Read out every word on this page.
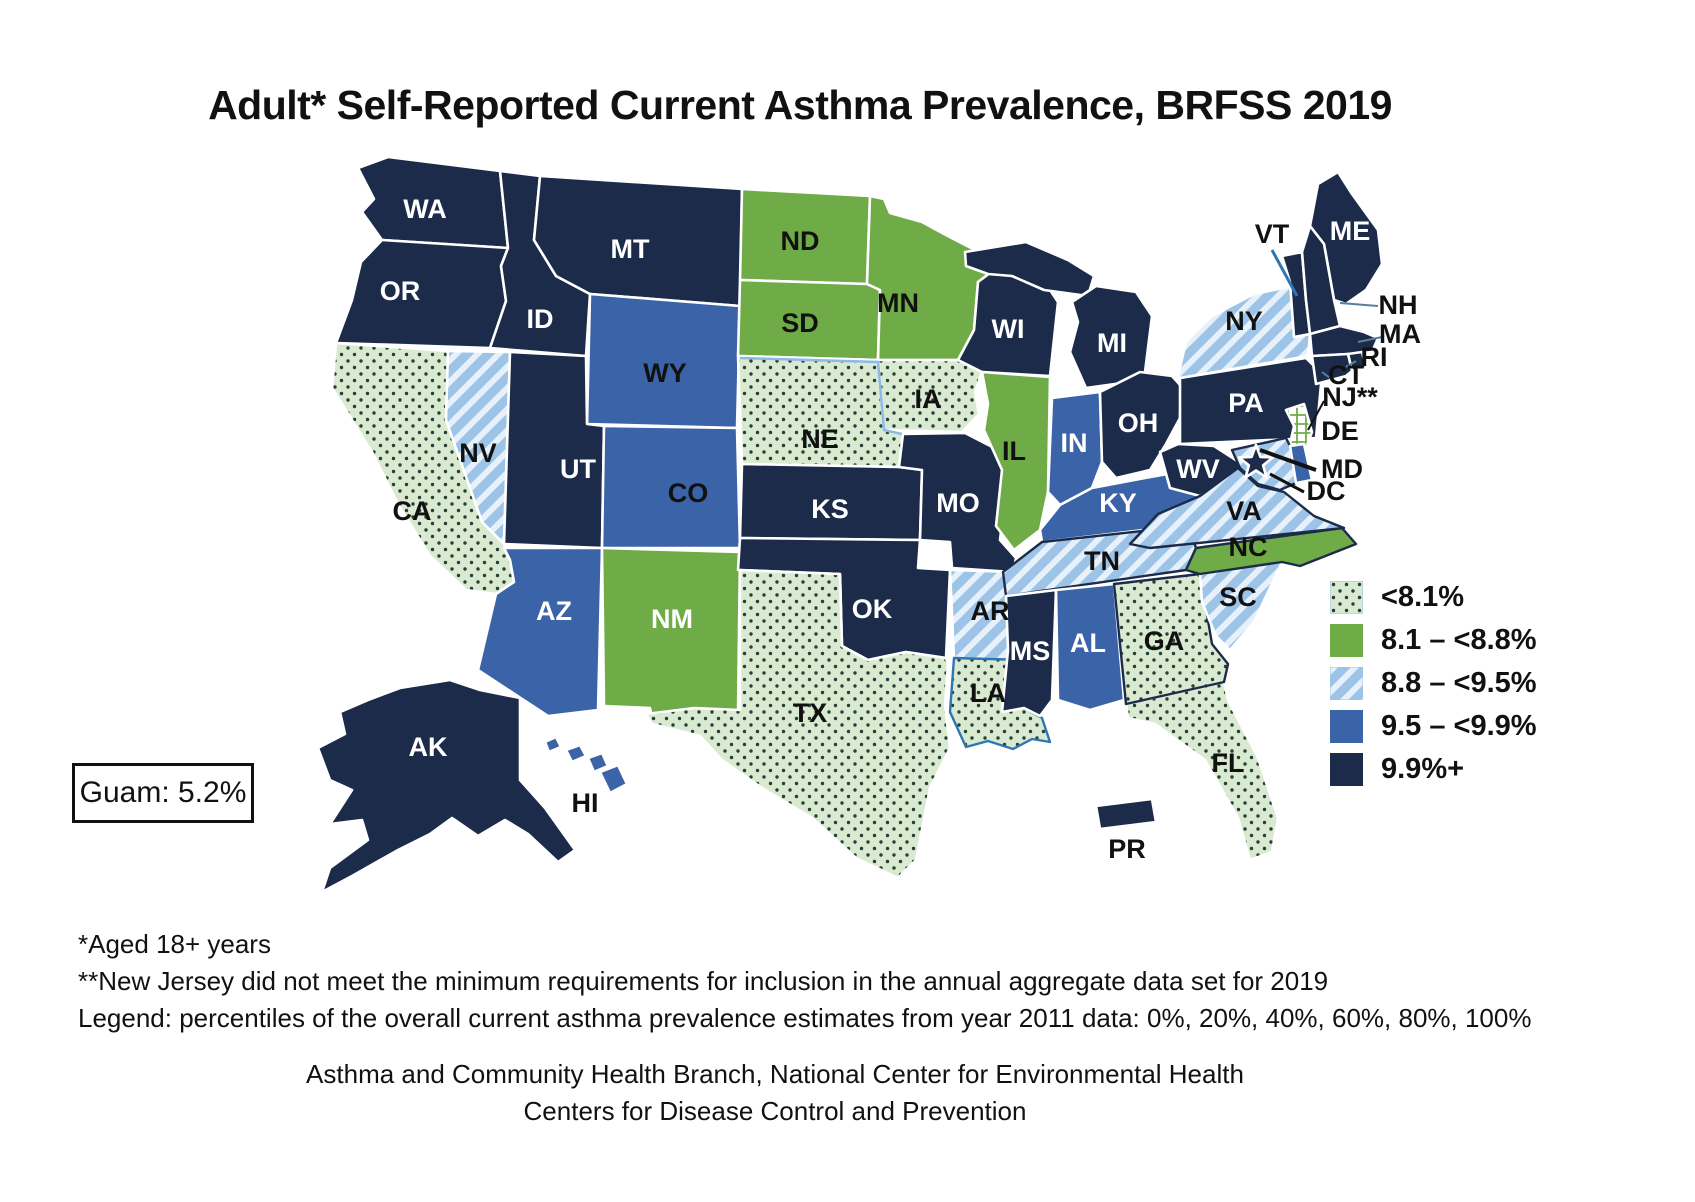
Adult* Self-Reported Current Asthma Prevalence, BRFSS 2019
WA
OR
CA
NV
ID
MT
WY
UT
CO
AZ	NM
ND
SD
NE
KS
OK
TX
MN
IA
MO
AR
LA
WI	MI
IL IN
OH
KY
TN
MS AL
FL
GA
SC
NC
WV
VA
PA
NY
ME
AK
HI
PR
VT
NH
MA
RI
CT
NJ**
DE
MD
DC
<8.1%
8.1 – <8.8%
8.8 – <9.5%
9.5 – <9.9%
9.9%+
Guam: 5.2%
*Aged 18+ years
**New Jersey did not meet the minimum requirements for inclusion in the annual aggregate data set for 2019
Legend: percentiles of the overall current asthma prevalence estimates from year 2011 data: 0%, 20%, 40%, 60%, 80%, 100%
Asthma and Community Health Branch, National Center for Environmental Health
Centers for Disease Control and Prevention
